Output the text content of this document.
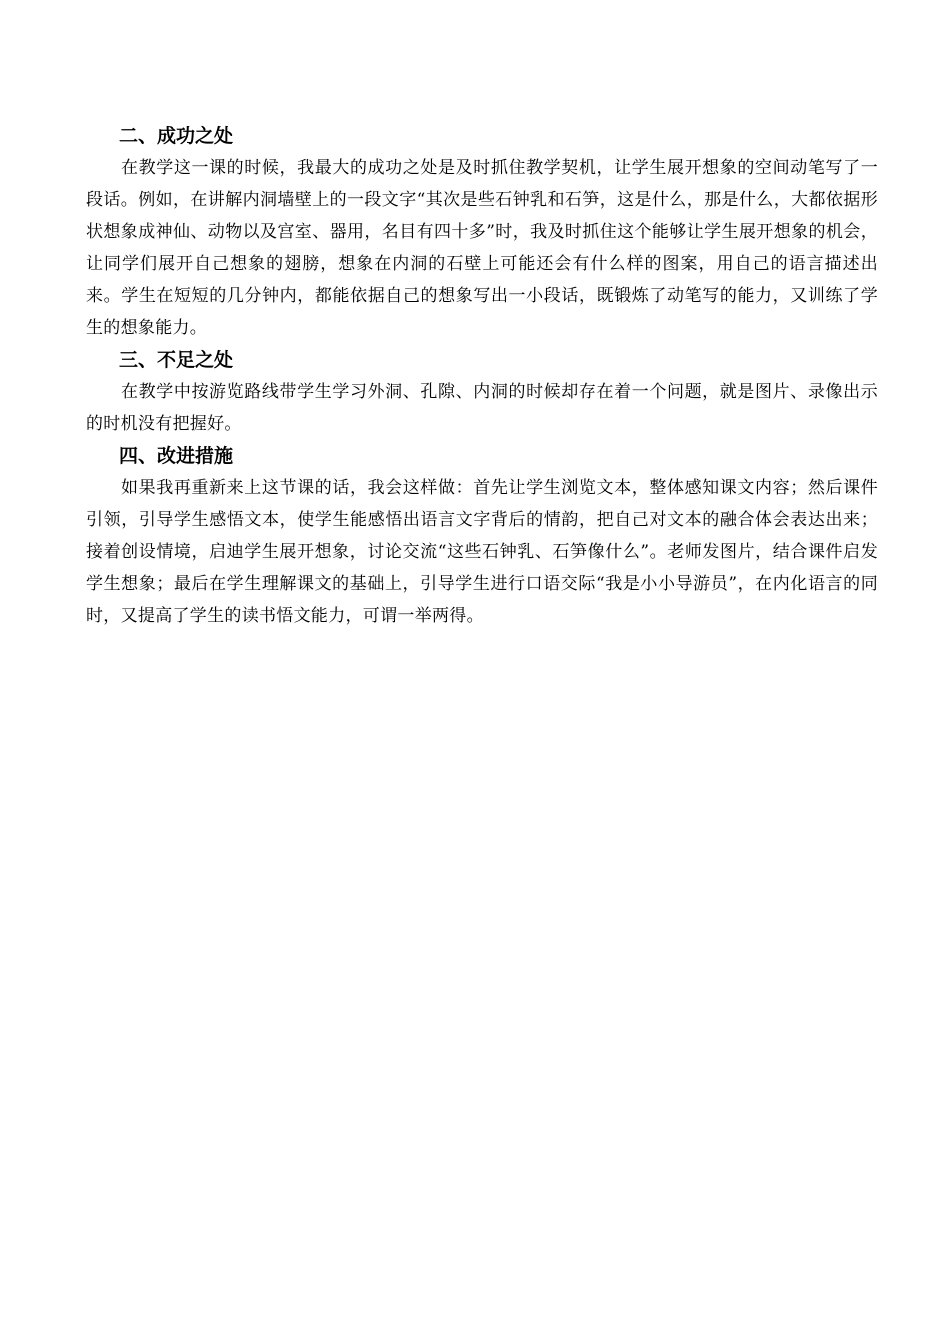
二、成功之处

在教学这一课的时候，我最大的成功之处是及时抓住教学契机，让学生展开想象的空间动笔写了一段话。例如，在讲解内洞墙壁上的一段文字“其次是些石钟乳和石笋，这是什么，那是什么，大都依据形状想象成神仙、动物以及宫室、器用，名目有四十多”时，我及时抓住这个能够让学生展开想象的机会，让同学们展开自己想象的翅膀，想象在内洞的石壁上可能还会有什么样的图案，用自己的语言描述出来。学生在短短的几分钟内，都能依据自己的想象写出一小段话，既锻炼了动笔写的能力，又训练了学生的想象能力。

三、不足之处

在教学中按游览路线带学生学习外洞、孔隙、内洞的时候却存在着一个问题，就是图片、录像出示的时机没有把握好。

四、改进措施

如果我再重新来上这节课的话，我会这样做：首先让学生浏览文本，整体感知课文内容；然后课件引领，引导学生感悟文本，使学生能感悟出语言文字背后的情韵，把自己对文本的融合体会表达出来；接着创设情境，启迪学生展开想象，讨论交流“这些石钟乳、石笋像什么”。老师发图片，结合课件启发学生想象；最后在学生理解课文的基础上，引导学生进行口语交际“我是小小导游员”，在内化语言的同时，又提高了学生的读书悟文能力，可谓一举两得。
